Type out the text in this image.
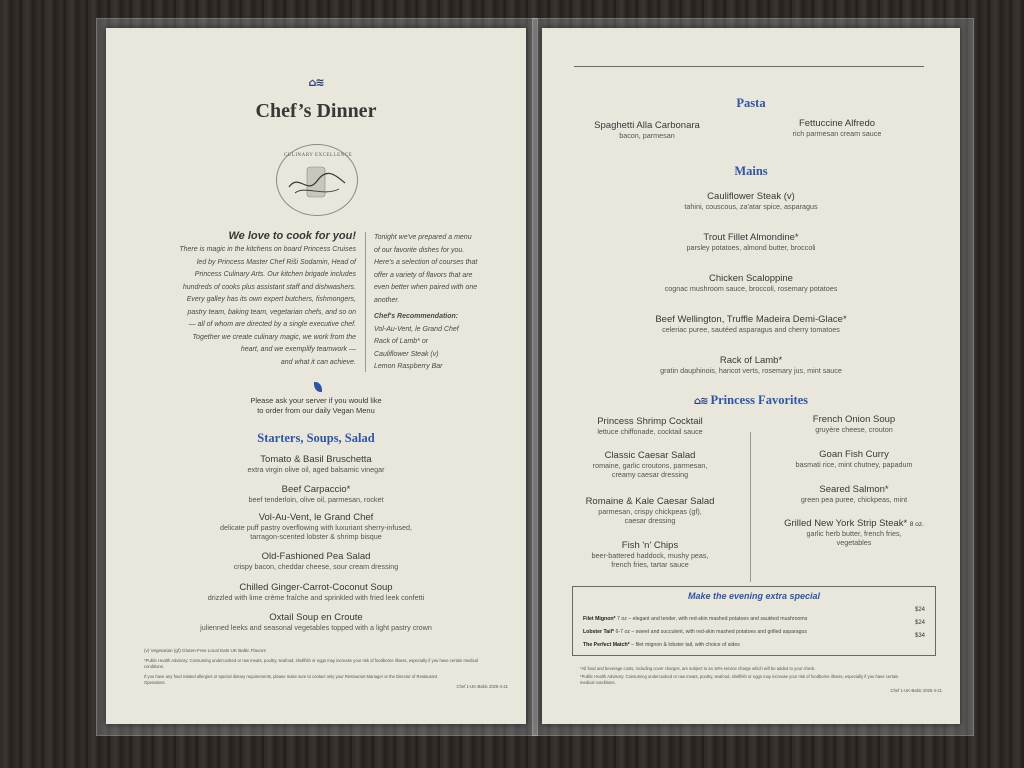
⌂≋
Chef’s Dinner
CULINARY EXCELLENCE
We love to cook for you!
There is magic in the kitchens on board Princess Cruises
led by Princess Master Chef Riši Sodamin, Head of
Princess Culinary Arts. Our kitchen brigade includes
hundreds of cooks plus assistant staff and dishwashers.
Every galley has its own expert butchers, fishmongers,
pastry team, baking team, vegetarian chefs, and so on
— all of whom are directed by a single executive chef.
Together we create culinary magic, we work from the
heart, and we exemplify teamwork —
and what it can achieve.
Tonight we've prepared a menu
of our favorite dishes for you.
Here's a selection of courses that
offer a variety of flavors that are
even better when paired with one
another.
Chef's Recommendation:
Vol-Au-Vent, le Grand Chef
Rack of Lamb* or
Cauliflower Steak (v)
Lemon Raspberry Bar
Please ask your server if you would like
to order from our daily Vegan Menu
Starters, Soups, Salad
Tomato & Basil Bruschetta
extra virgin olive oil, aged balsamic vinegar
Beef Carpaccio*
beef tenderloin, olive oil, parmesan, rocket
Vol-Au-Vent, le Grand Chef
delicate puff pastry overflowing with luxuriant sherry-infused,
tarragon-scented lobster & shrimp bisque
Old-Fashioned Pea Salad
crispy bacon, cheddar cheese, sour cream dressing
Chilled Ginger-Carrot-Coconut Soup
drizzled with lime crème fraîche and sprinkled with fried leek confetti
Oxtail Soup en Croute
julienned leeks and seasonal vegetables topped with a light pastry crown
(v) Vegetarian (gf) Gluten-Free Local Eats UK Baltic Flavors
*Public Health Advisory: Consuming undercooked or raw meats, poultry, seafood, shellfish or eggs may increase your risk of foodborne illness, especially if you have certain medical conditions.
If you have any food related allergies or special dietary requirements, please make sure to contact only your Restaurant Manager or the Director of Restaurant Operations.
Chef 1-UK-Baltic 2025-4-21
Pasta
Spaghetti Alla Carbonara
bacon, parmesan
Fettuccine Alfredo
rich parmesan cream sauce
Mains
Cauliflower Steak (v)
tahini, couscous, za'atar spice, asparagus
Trout Fillet Almondine*
parsley potatoes, almond butter, broccoli
Chicken Scaloppine
cognac mushroom sauce, broccoli, rosemary potatoes
Beef Wellington, Truffle Madeira Demi-Glace*
celeriac puree, sautéed asparagus and cherry tomatoes
Rack of Lamb*
gratin dauphinois, haricot verts, rosemary jus, mint sauce
⌂≋ Princess Favorites
Princess Shrimp Cocktail
lettuce chiffonade, cocktail sauce
Classic Caesar Salad
romaine, garlic croutons, parmesan,
creamy caesar dressing
Romaine & Kale Caesar Salad
parmesan, crispy chickpeas (gf),
caesar dressing
Fish 'n' Chips
beer-battered haddock, mushy peas,
french fries, tartar sauce
French Onion Soup
gruyère cheese, crouton
Goan Fish Curry
basmati rice, mint chutney, papadum
Seared Salmon*
green pea puree, chickpeas, mint
Grilled New York Strip Steak* 8 oz.
garlic herb butter, french fries,
vegetables
Make the evening extra special
Filet Mignon* 7 oz – elegant and tender, with red-skin mashed potatoes and sautéed mushrooms
$24
Lobster Tail* 6-7 oz – sweet and succulent, with red-skin mashed potatoes and grilled asparagus
$24
The Perfect Match* – filet mignon & lobster tail, with choice of sides
$34
*All food and beverage costs, including cover charges, are subject to an 18% service charge which will be added to your check.
*Public Health Advisory: Consuming undercooked or raw meats, poultry, seafood, shellfish or eggs may increase your risk of foodborne illness, especially if you have certain medical conditions.
Chef 1-UK-Baltic 2025-4-21
